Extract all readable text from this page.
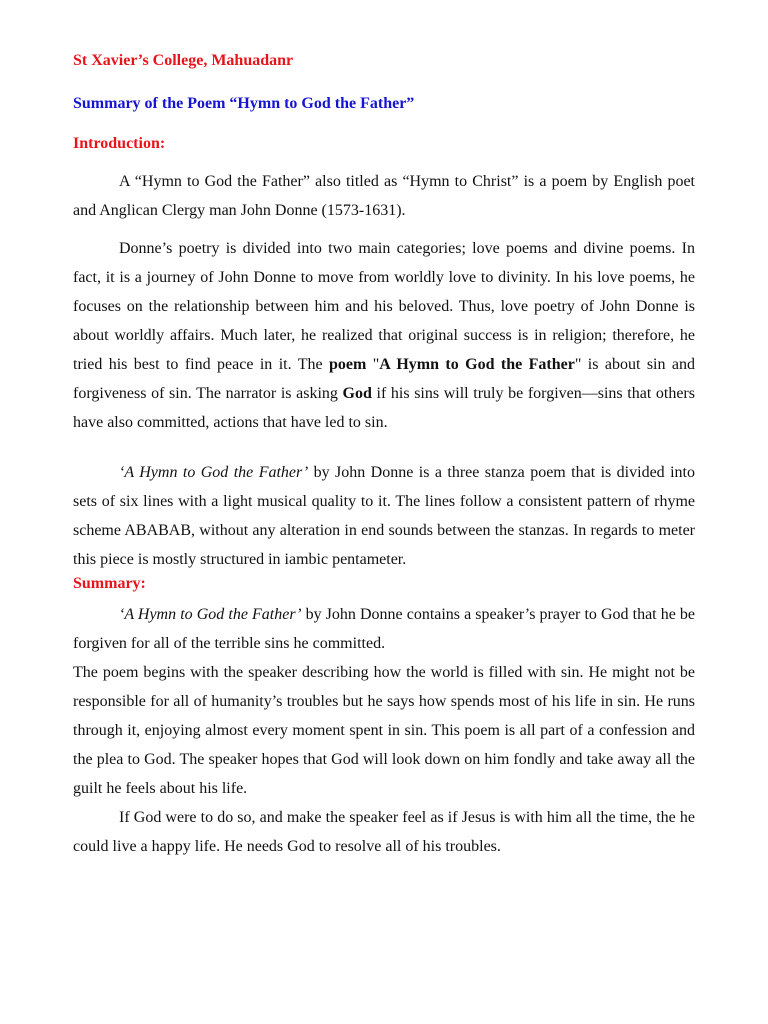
St Xavier’s College, Mahuadanr

Summary of the Poem “Hymn to God the Father”

Introduction:

A “Hymn to God the Father” also titled as “Hymn to Christ” is a poem by English poet and Anglican Clergy man John Donne (1573-1631).

Donne’s poetry is divided into two main categories; love poems and divine poems. In fact, it is a journey of John Donne to move from worldly love to divinity. In his love poems, he focuses on the relationship between him and his beloved. Thus, love poetry of John Donne is about worldly affairs. Much later, he realized that original success is in religion; therefore, he tried his best to find peace in it. The poem "A Hymn to God the Father" is about sin and forgiveness of sin. The narrator is asking God if his sins will truly be forgiven—sins that others have also committed, actions that have led to sin.

‘A Hymn to God the Father’ by John Donne is a three stanza poem that is divided into sets of six lines with a light musical quality to it. The lines follow a consistent pattern of rhyme scheme ABABAB, without any alteration in end sounds between the stanzas. In regards to meter this piece is mostly structured in iambic pentameter.

Summary:

‘A Hymn to God the Father’ by John Donne contains a speaker’s prayer to God that he be forgiven for all of the terrible sins he committed.

The poem begins with the speaker describing how the world is filled with sin. He might not be responsible for all of humanity’s troubles but he says how spends most of his life in sin. He runs through it, enjoying almost every moment spent in sin. This poem is all part of a confession and the plea to God. The speaker hopes that God will look down on him fondly and take away all the guilt he feels about his life.

If God were to do so, and make the speaker feel as if Jesus is with him all the time, the he could live a happy life. He needs God to resolve all of his troubles.
